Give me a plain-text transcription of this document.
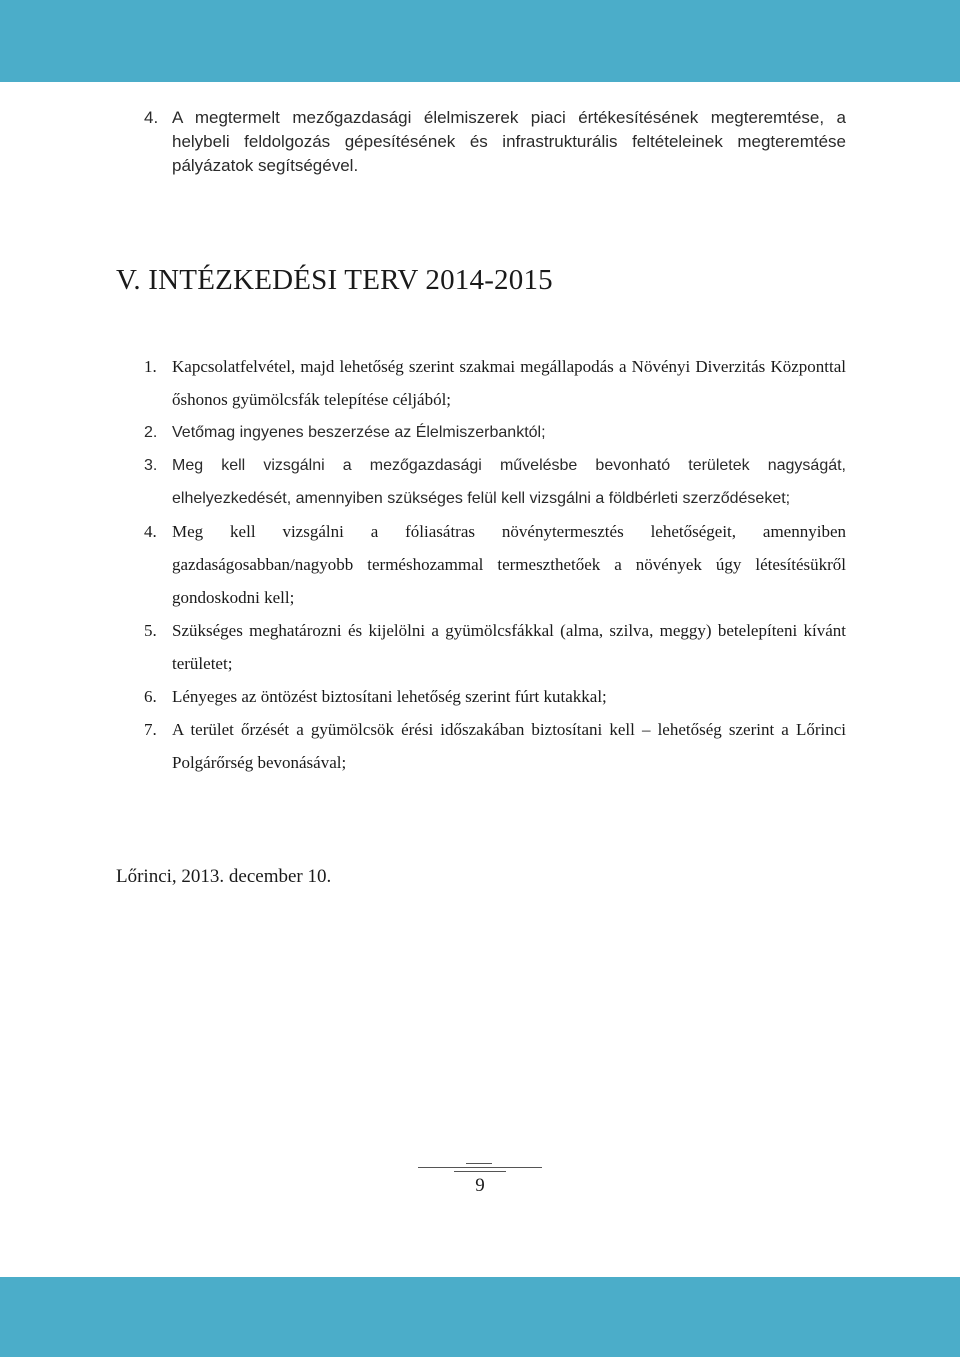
4. A megtermelt mezőgazdasági élelmiszerek piaci értékesítésének megteremtése, a helybeli feldolgozás gépesítésének és infrastrukturális feltételeinek megteremtése pályázatok segítségével.
V. INTÉZKEDÉSI TERV 2014-2015
1. Kapcsolatfelvétel, majd lehetőség szerint szakmai megállapodás a Növényi Diverzitás Központtal őshonos gyümölcsfák telepítése céljából;
2. Vetőmag ingyenes beszerzése az Élelmiszerbanktól;
3. Meg kell vizsgálni a mezőgazdasági művelésbe bevonható területek nagyságát, elhelyezkedését, amennyiben szükséges felül kell vizsgálni a földbérleti szerződéseket;
4. Meg kell vizsgálni a fóliasátras növénytermesztés lehetőségeit, amennyiben gazdaságosabban/nagyobb terméshozammal termeszthetőek a növények úgy létesítésükről gondoskodni kell;
5. Szükséges meghatározni és kijelölni a gyümölcsfákkal (alma, szilva, meggy) betelepíteni kívánt területet;
6. Lényeges az öntözést biztosítani lehetőség szerint fúrt kutakkal;
7. A terület őrzését a gyümölcsök érési időszakában biztosítani kell – lehetőség szerint a Lőrinci Polgárőrség bevonásával;

Lőrinci, 2013. december 10.

9
